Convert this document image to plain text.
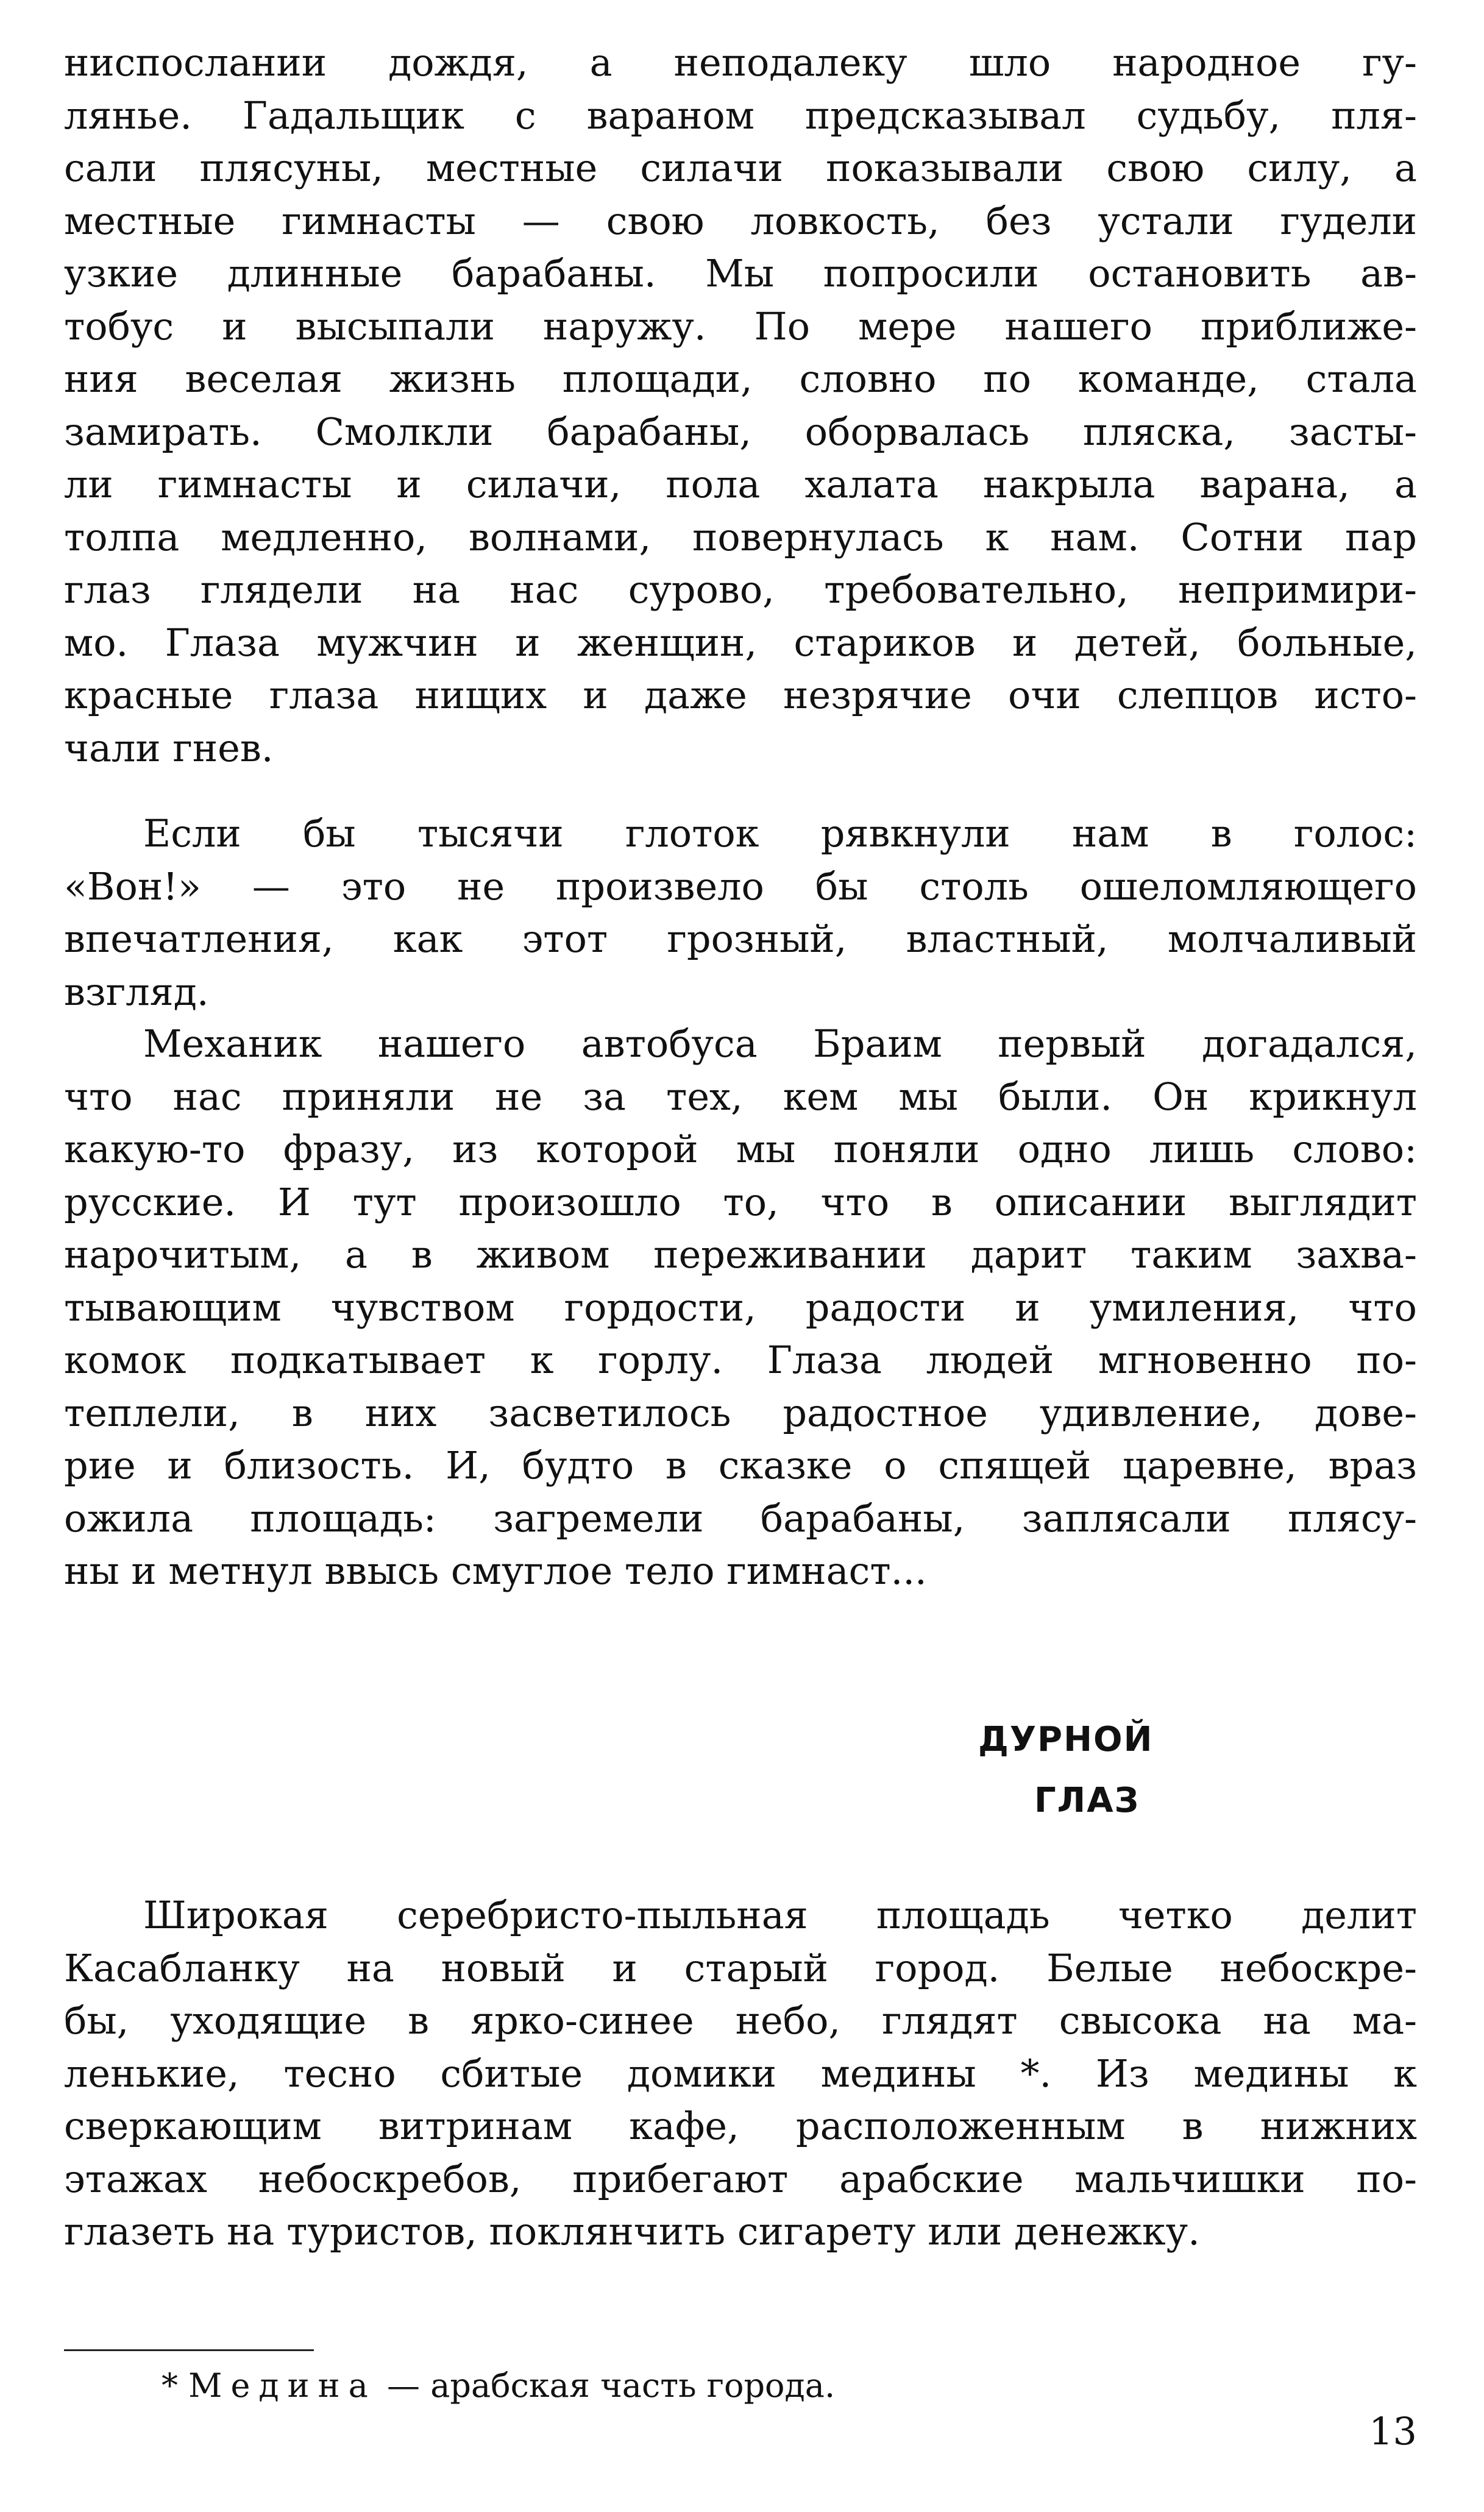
ниспослании дождя, а неподалеку шло народное гу-
лянье. Гадальщик с вараном предсказывал судьбу, пля-
сали плясуны, местные силачи показывали свою силу, а
местные гимнасты — свою ловкость, без устали гудели
узкие длинные барабаны. Мы попросили остановить ав-
тобус и высыпали наружу. По мере нашего приближе-
ния веселая жизнь площади, словно по команде, стала
замирать. Смолкли барабаны, оборвалась пляска, засты-
ли гимнасты и силачи, пола халата накрыла варана, а
толпа медленно, волнами, повернулась к нам. Сотни пар
глаз глядели на нас сурово, требовательно, непримири-
мо. Глаза мужчин и женщин, стариков и детей, больные,
красные глаза нищих и даже незрячие очи слепцов исто-
чали гнев.
Если бы тысячи глоток рявкнули нам в голос:
«Вон!» — это не произвело бы столь ошеломляющего
впечатления, как этот грозный, властный, молчаливый
взгляд.
Механик нашего автобуса Браим первый догадался,
что нас приняли не за тех, кем мы были. Он крикнул
какую-то фразу, из которой мы поняли одно лишь слово:
русские. И тут произошло то, что в описании выглядит
нарочитым, а в живом переживании дарит таким захва-
тывающим чувством гордости, радости и умиления, что
комок подкатывает к горлу. Глаза людей мгновенно по-
теплели, в них засветилось радостное удивление, дове-
рие и близость. И, будто в сказке о спящей царевне, враз
ожила площадь: загремели барабаны, заплясали плясу-
ны и метнул ввысь смуглое тело гимнаст...
ДУРНОЙ
ГЛАЗ
Широкая серебристо-пыльная площадь четко делит
Касабланку на новый и старый город. Белые небоскре-
бы, уходящие в ярко-синее небо, глядят свысока на ма-
ленькие, тесно сбитые домики медины *. Из медины к
сверкающим витринам кафе, расположенным в нижних
этажах небоскребов, прибегают арабские мальчишки по-
глазеть на туристов, поклянчить сигарету или денежку.
* Медина — арабская часть города.
13
